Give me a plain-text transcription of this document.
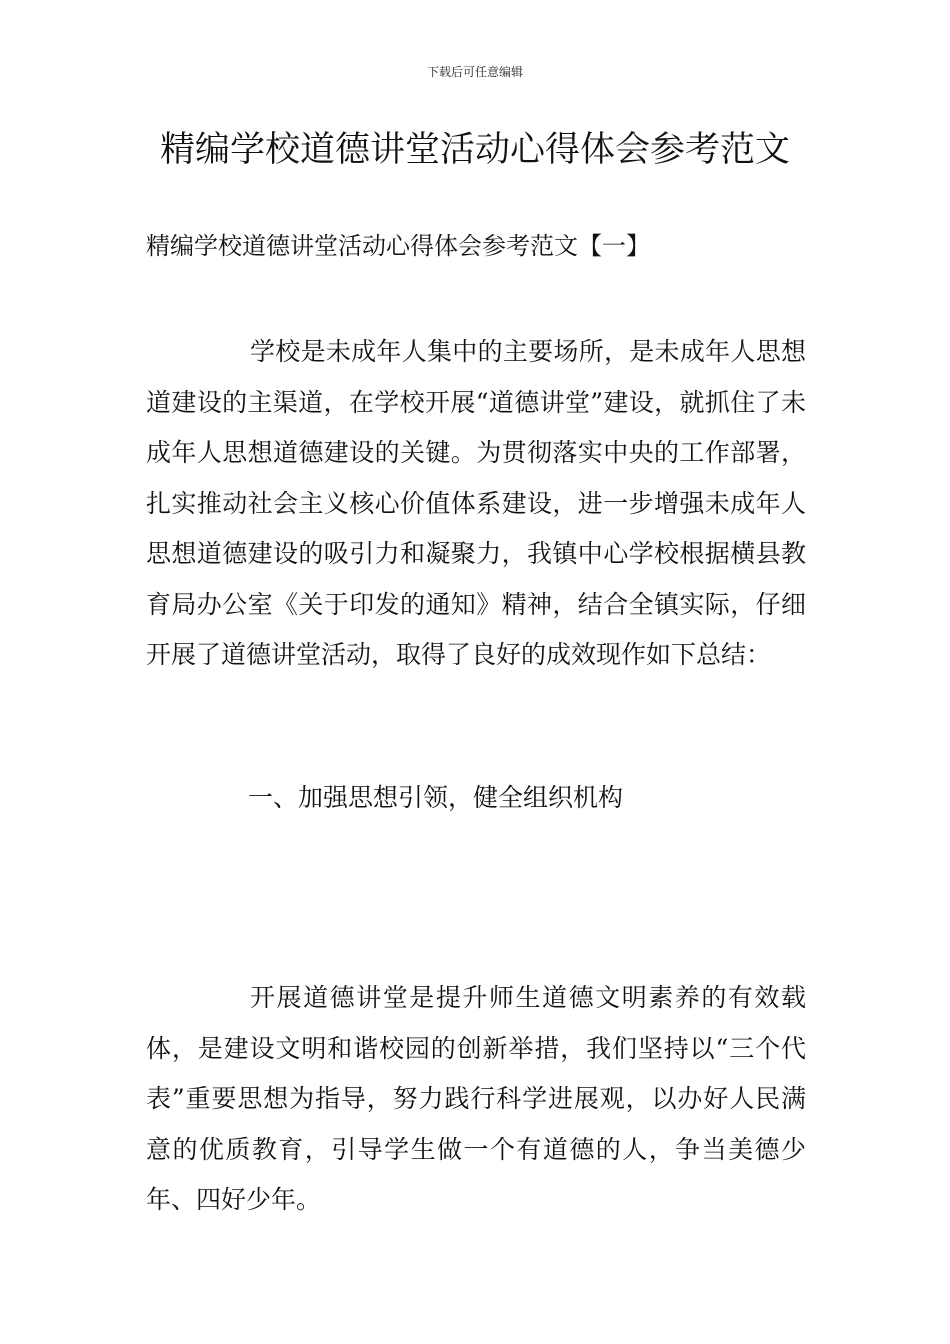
下载后可任意编辑
精编学校道德讲堂活动心得体会参考范文
精编学校道德讲堂活动心得体会参考范文【一】

学校是未成年人集中的主要场所，是未成年人思想道建设的主渠道，在学校开展“道德讲堂”建设，就抓住了未成年人思想道德建设的关键。为贯彻落实中央的工作部署，扎实推动社会主义核心价值体系建设，进一步增强未成年人思想道德建设的吸引力和凝聚力，我镇中心学校根据横县教育局办公室《关于印发的通知》精神，结合全镇实际，仔细开展了道德讲堂活动，取得了良好的成效现作如下总结：

一、加强思想引领，健全组织机构

开展道德讲堂是提升师生道德文明素养的有效载体，是建设文明和谐校园的创新举措，我们坚持以“三个代表”重要思想为指导，努力践行科学进展观，以办好人民满意的优质教育，引导学生做一个有道德的人，争当美德少年、四好少年。
